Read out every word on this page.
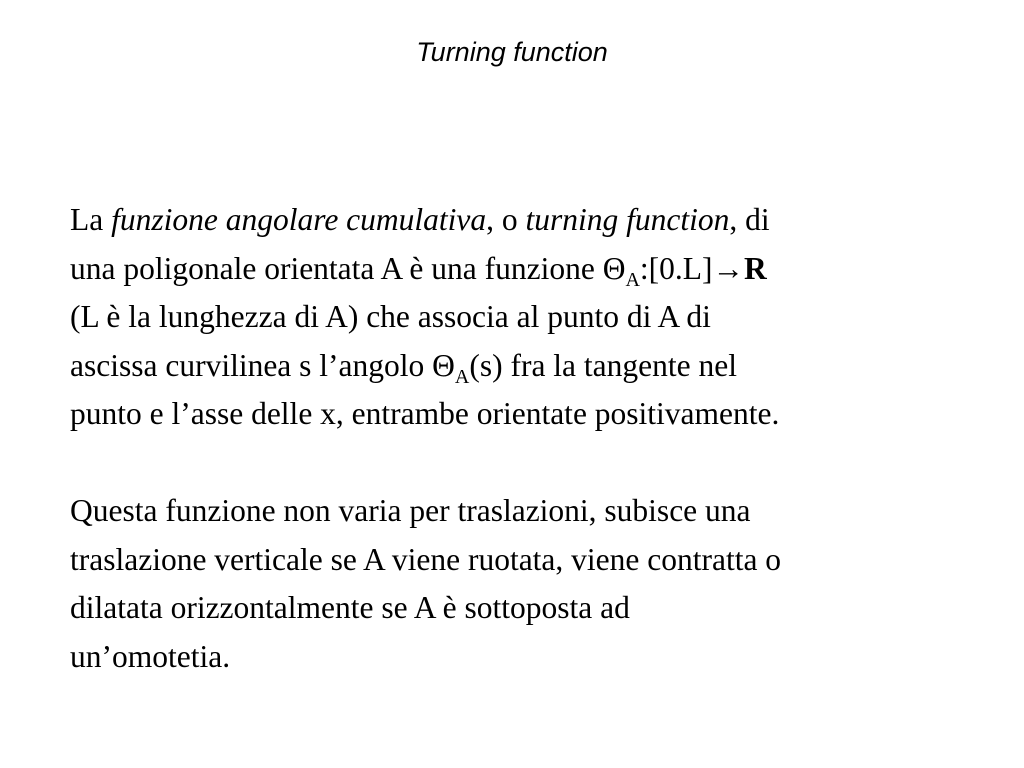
Turning function

La funzione angolare cumulativa, o turning function, di
una poligonale orientata A è una funzione $\Theta_A:[0.L]\to R$
(L è la lunghezza di A) che associa al punto di A di
ascissa curvilinea s l’angolo $\Theta_A(s)$ fra la tangente nel
punto e l’asse delle x, entrambe orientate positivamente.

Questa funzione non varia per traslazioni, subisce una
traslazione verticale se A viene ruotata, viene contratta o
dilatata orizzontalmente se A è sottoposta ad
un’omotetia.
